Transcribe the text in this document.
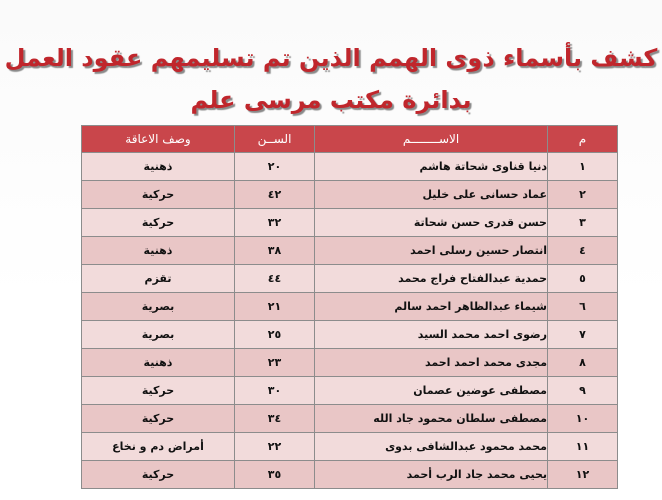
كشف بأسماء ذوى الهمم الذين تم تسليمهم عقود العمل
بدائرة مكتب مرسى علم
م	الاســــــــم	الســن	وصف الاعاقة
١	دنيا قناوى شحاتة هاشم	٢٠	ذهنية
٢	عماد حسانى على خليل	٤٢	حركية
٣	حسن قدرى حسن شحاتة	٣٢	حركية
٤	انتصار حسين رسلى احمد	٣٨	ذهنية
٥	حمدية عبدالفتاح فراج محمد	٤٤	تقزم
٦	شيماء عبدالظاهر احمد سالم	٢١	بصرية
٧	رضوى احمد محمد السيد	٢٥	بصرية
٨	مجدى محمد احمد احمد	٢٣	ذهنية
٩	مصطفى عوضين عصمان	٣٠	حركية
١٠	مصطفى سلطان محمود جاد الله	٣٤	حركية
١١	محمد محمود عبدالشافى بدوى	٢٢	أمراض دم و نخاع
١٢	يحيى محمد جاد الرب أحمد	٣٥	حركية
